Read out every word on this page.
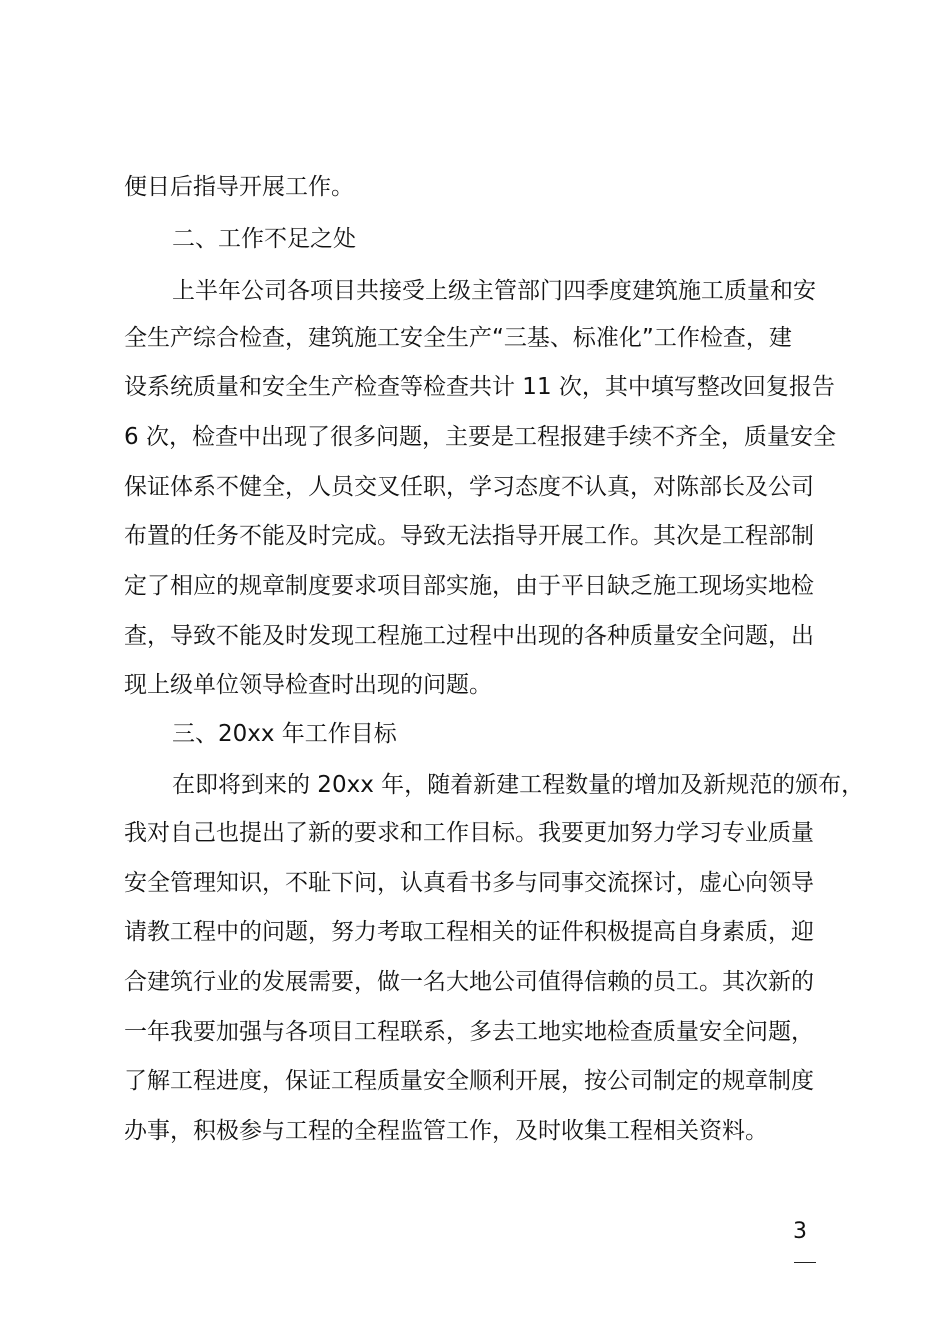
便日后指导开展工作。
二、工作不足之处
上半年公司各项目共接受上级主管部门四季度建筑施工质量和安
全生产综合检查，建筑施工安全生产“三基、标准化”工作检查，建
设系统质量和安全生产检查等检查共计 11 次，其中填写整改回复报告
6 次，检查中出现了很多问题，主要是工程报建手续不齐全，质量安全
保证体系不健全，人员交叉任职，学习态度不认真，对陈部长及公司
布置的任务不能及时完成。导致无法指导开展工作。其次是工程部制
定了相应的规章制度要求项目部实施，由于平日缺乏施工现场实地检
查，导致不能及时发现工程施工过程中出现的各种质量安全问题，出
现上级单位领导检查时出现的问题。
三、20xx 年工作目标
在即将到来的 20xx 年，随着新建工程数量的增加及新规范的颁布，
我对自己也提出了新的要求和工作目标。我要更加努力学习专业质量
安全管理知识，不耻下问，认真看书多与同事交流探讨，虚心向领导
请教工程中的问题，努力考取工程相关的证件积极提高自身素质，迎
合建筑行业的发展需要，做一名大地公司值得信赖的员工。其次新的
一年我要加强与各项目工程联系，多去工地实地检查质量安全问题，
了解工程进度，保证工程质量安全顺利开展，按公司制定的规章制度
办事，积极参与工程的全程监管工作，及时收集工程相关资料。
3
